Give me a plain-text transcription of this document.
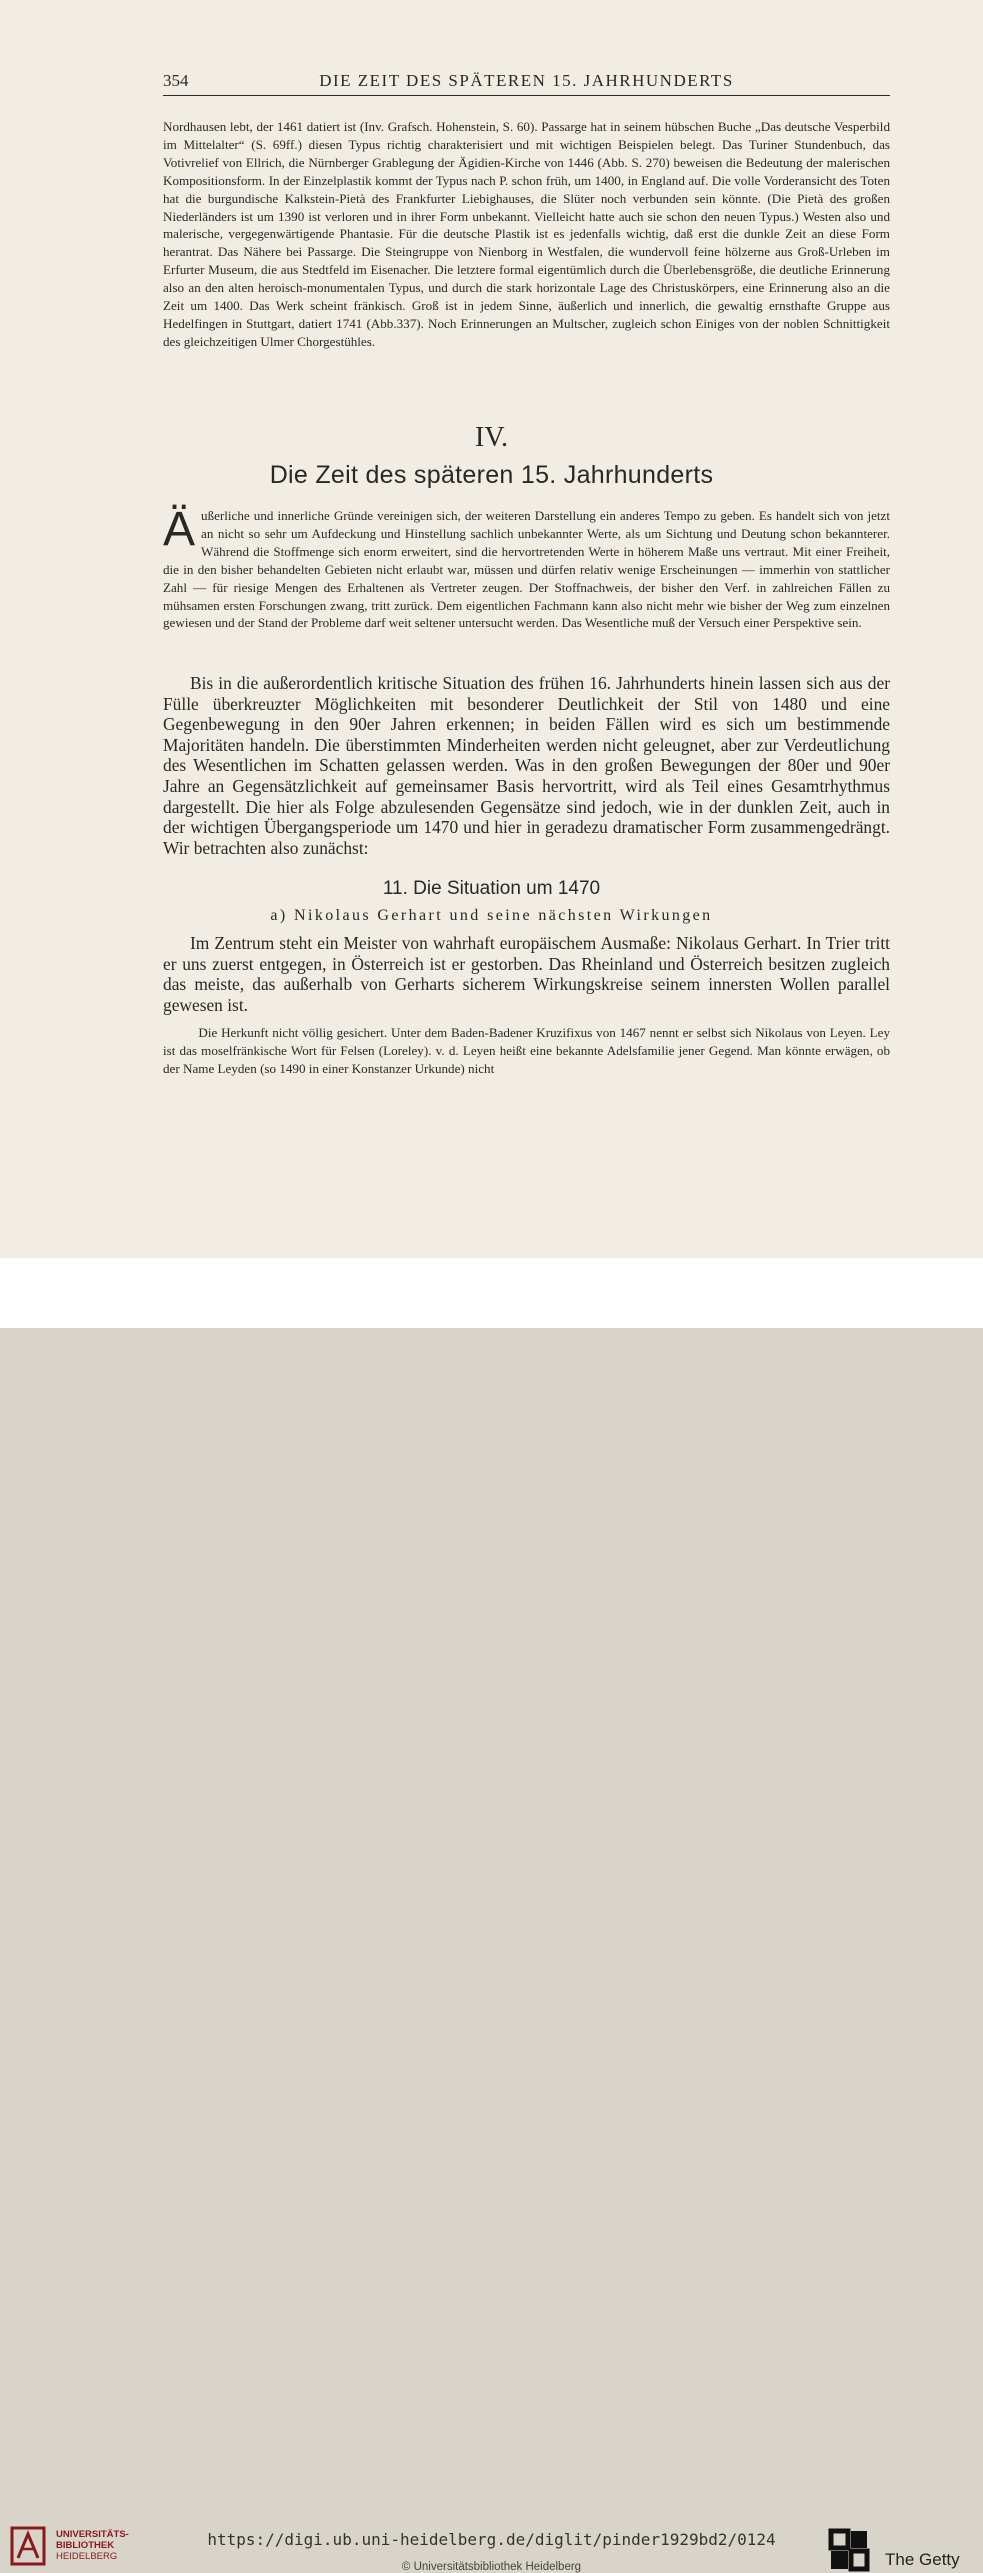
354	DIE ZEIT DES SPÄTEREN 15. JAHRHUNDERTS

Nordhausen lebt, der 1461 datiert ist (Inv. Grafsch. Hohenstein, S. 60). Passarge hat in seinem hübschen Buche „Das deutsche Vesperbild im Mittelalter“ (S. 69ff.) diesen Typus richtig charakterisiert und mit wichtigen Beispielen belegt. Das Turiner Stundenbuch, das Votivrelief von Ellrich, die Nürnberger Grablegung der Ägidien-Kirche von 1446 (Abb. S. 270) beweisen die Bedeutung der malerischen Kompositionsform. In der Einzelplastik kommt der Typus nach P. schon früh, um 1400, in England auf. Die volle Vorderansicht des Toten hat die burgundische Kalkstein-Pietà des Frankfurter Liebighauses, die Slüter noch verbunden sein könnte. (Die Pietà des großen Niederländers ist um 1390 ist verloren und in ihrer Form unbekannt. Vielleicht hatte auch sie schon den neuen Typus.) Westen also und malerische, vergegenwärtigende Phantasie. Für die deutsche Plastik ist es jedenfalls wichtig, daß erst die dunkle Zeit an diese Form herantrat. Das Nähere bei Passarge. Die Steingruppe von Nienborg in Westfalen, die wundervoll feine hölzerne aus Groß-Urleben im Erfurter Museum, die aus Stedtfeld im Eisenacher. Die letztere formal eigentümlich durch die Überlebensgröße, die deutliche Erinnerung also an den alten heroisch-monumentalen Typus, und durch die stark horizontale Lage des Christuskörpers, eine Erinnerung also an die Zeit um 1400. Das Werk scheint fränkisch. Groß ist in jedem Sinne, äußerlich und innerlich, die gewaltig ernsthafte Gruppe aus Hedelfingen in Stuttgart, datiert 1741 (Abb.337). Noch Erinnerungen an Multscher, zugleich schon Einiges von der noblen Schnittigkeit des gleichzeitigen Ulmer Chorgestühles.

IV.
Die Zeit des späteren 15. Jahrhunderts
Ä ußerliche und innerliche Gründe vereinigen sich, der weiteren Darstellung ein anderes Tempo zu geben. Es handelt sich von jetzt an nicht so sehr um Aufdeckung und Hinstellung sachlich unbekannter Werte, als um Sichtung und Deutung schon bekannterer. Während die Stoffmenge sich enorm erweitert, sind die hervortretenden Werte in höherem Maße uns vertraut. Mit einer Freiheit, die in den bisher behandelten Gebieten nicht erlaubt war, müssen und dürfen relativ wenige Erscheinungen — immerhin von stattlicher Zahl — für riesige Mengen des Erhaltenen als Vertreter zeugen. Der Stoffnachweis, der bisher den Verf. in zahlreichen Fällen zu mühsamen ersten Forschungen zwang, tritt zurück. Dem eigentlichen Fachmann kann also nicht mehr wie bisher der Weg zum einzelnen gewiesen und der Stand der Probleme darf weit seltener untersucht werden. Das Wesentliche muß der Versuch einer Perspektive sein.

Bis in die außerordentlich kritische Situation des frühen 16. Jahrhunderts hinein lassen sich aus der Fülle überkreuzter Möglichkeiten mit besonderer Deutlichkeit der Stil von 1480 und eine Gegenbewegung in den 90er Jahren erkennen; in beiden Fällen wird es sich um bestimmende Majoritäten handeln. Die überstimmten Minderheiten werden nicht geleugnet, aber zur Verdeutlichung des Wesentlichen im Schatten gelassen werden. Was in den großen Bewegungen der 80er und 90er Jahre an Gegensätzlichkeit auf gemeinsamer Basis hervortritt, wird als Teil eines Gesamtrhythmus dargestellt. Die hier als Folge abzulesenden Gegensätze sind jedoch, wie in der dunklen Zeit, auch in der wichtigen Übergangsperiode um 1470 und hier in geradezu dramatischer Form zusammengedrängt. Wir betrachten also zunächst:

11. Die Situation um 1470
a) Nikolaus Gerhart und seine nächsten Wirkungen

Im Zentrum steht ein Meister von wahrhaft europäischem Ausmaße: Nikolaus Gerhart. In Trier tritt er uns zuerst entgegen, in Österreich ist er gestorben. Das Rheinland und Österreich besitzen zugleich das meiste, das außerhalb von Gerharts sicherem Wirkungskreise seinem innersten Wollen parallel gewesen ist.

Die Herkunft nicht völlig gesichert. Unter dem Baden-Badener Kruzifixus von 1467 nennt er selbst sich Nikolaus von Leyen. Ley ist das moselfränkische Wort für Felsen (Loreley). v. d. Leyen heißt eine bekannte Adelsfamilie jener Gegend. Man könnte erwägen, ob der Name Leyden (so 1490 in einer Konstanzer Urkunde) nicht

UNIVERSITÄTS-
BIBLIOTHEK
HEIDELBERG
https://digi.ub.uni-heidelberg.de/diglit/pinder1929bd2/0124
© Universitätsbibliothek Heidelberg	The Getty
